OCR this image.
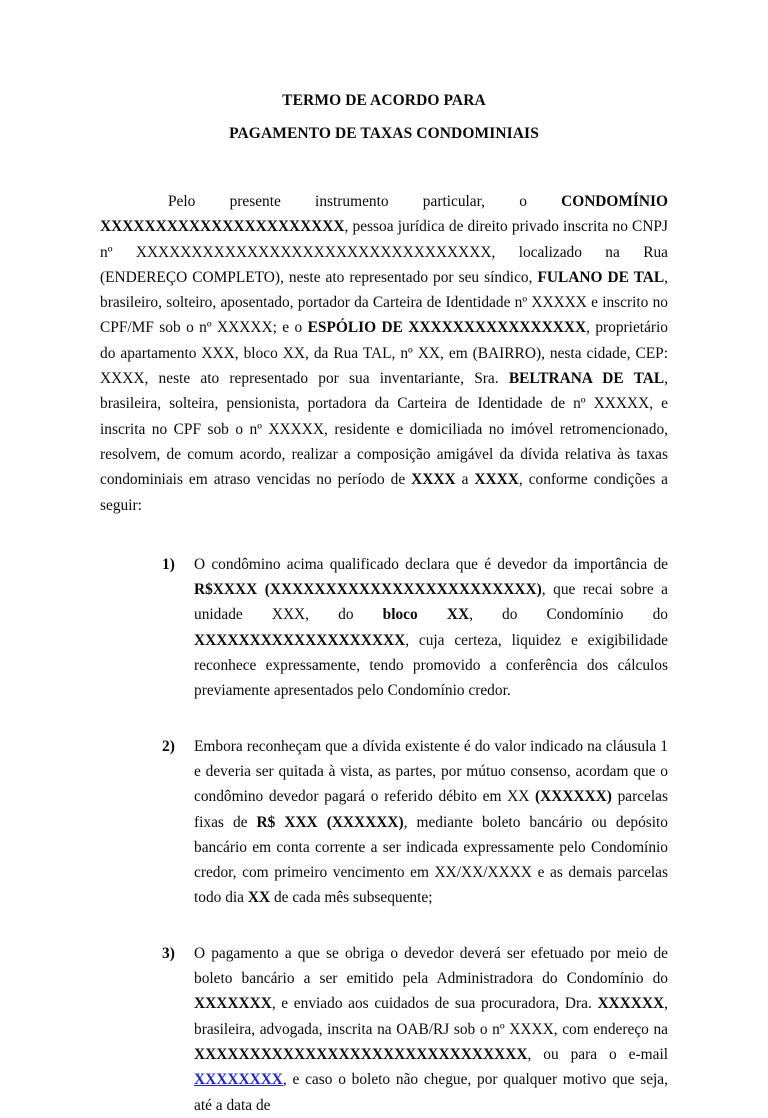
TERMO DE ACORDO PARA
PAGAMENTO DE TAXAS CONDOMINIAIS

Pelo presente instrumento particular, o CONDOMÍNIO XXXXXXXXXXXXXXXXXXXXXX, pessoa jurídica de direito privado inscrita no CNPJ nº XXXXXXXXXXXXXXXXXXXXXXXXXXXXXXXX, localizado na Rua (ENDEREÇO COMPLETO), neste ato representado por seu síndico, FULANO DE TAL, brasileiro, solteiro, aposentado, portador da Carteira de Identidade nº XXXXX e inscrito no CPF/MF sob o nº XXXXX; e o ESPÓLIO DE XXXXXXXXXXXXXXXX, proprietário do apartamento XXX, bloco XX, da Rua TAL, nº XX, em (BAIRRO), nesta cidade, CEP: XXXX, neste ato representado por sua inventariante, Sra. BELTRANA DE TAL, brasileira, solteira, pensionista, portadora da Carteira de Identidade de nº XXXXX, e inscrita no CPF sob o nº XXXXX, residente e domiciliada no imóvel retromencionado, resolvem, de comum acordo, realizar a composição amigável da dívida relativa às taxas condominiais em atraso vencidas no período de XXXX a XXXX, conforme condições a seguir:

1) O condômino acima qualificado declara que é devedor da importância de R$XXXX (XXXXXXXXXXXXXXXXXXXXXXXX), que recai sobre a unidade XXX, do bloco XX, do Condomínio do XXXXXXXXXXXXXXXXXXX, cuja certeza, liquidez e exigibilidade reconhece expressamente, tendo promovido a conferência dos cálculos previamente apresentados pelo Condomínio credor.
2) Embora reconheçam que a dívida existente é do valor indicado na cláusula 1 e deveria ser quitada à vista, as partes, por mútuo consenso, acordam que o condômino devedor pagará o referido débito em XX (XXXXXX) parcelas fixas de R$ XXX (XXXXXX), mediante boleto bancário ou depósito bancário em conta corrente a ser indicada expressamente pelo Condomínio credor, com primeiro vencimento em XX/XX/XXXX e as demais parcelas todo dia XX de cada mês subsequente;
3) O pagamento a que se obriga o devedor deverá ser efetuado por meio de boleto bancário a ser emitido pela Administradora do Condomínio do XXXXXXX, e enviado aos cuidados de sua procuradora, Dra. XXXXXX, brasileira, advogada, inscrita na OAB/RJ sob o nº XXXX, com endereço na XXXXXXXXXXXXXXXXXXXXXXXXXXXXXX, ou para o e-mail XXXXXXXX, e caso o boleto não chegue, por qualquer motivo que seja, até a data de
